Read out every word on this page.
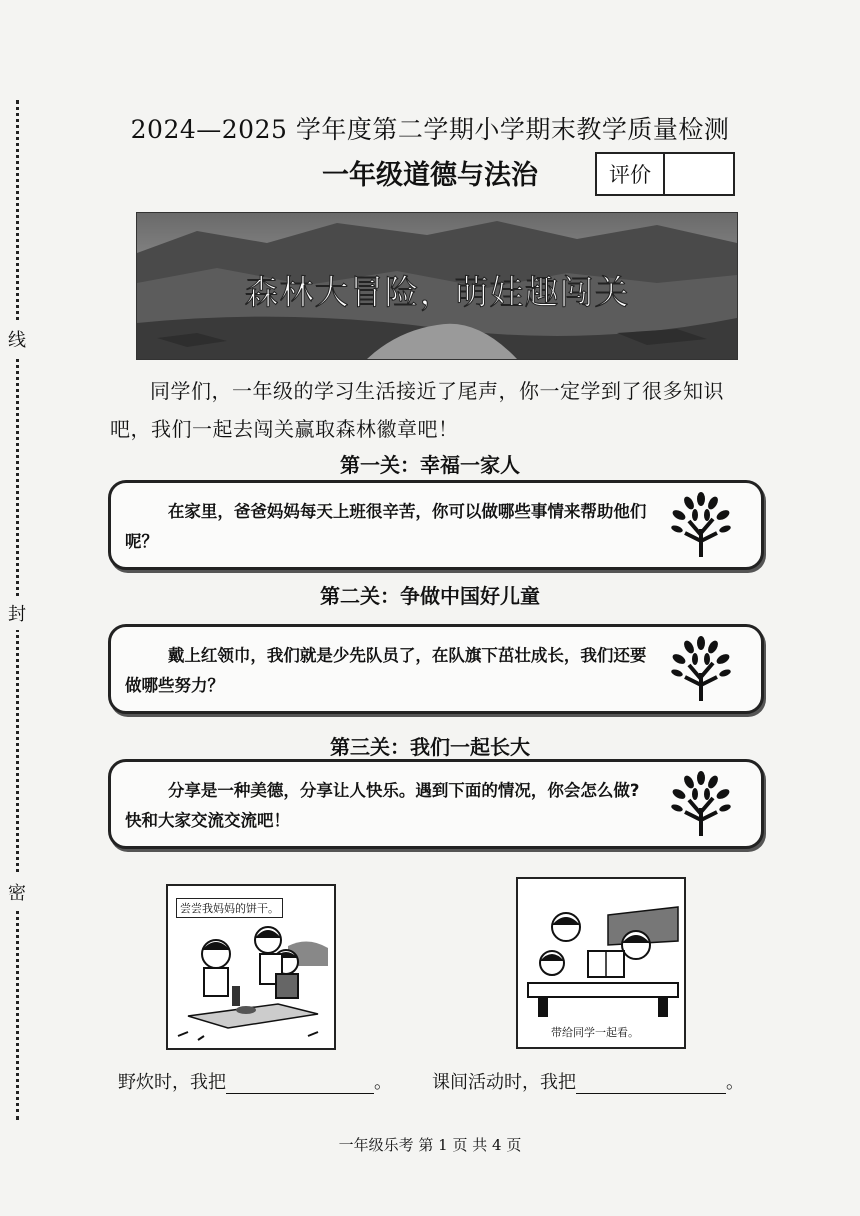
线
封
密
2024—2025 学年度第二学期小学期末教学质量检测
一年级道德与法治	评价
森林大冒险，萌娃趣闯关
同学们，一年级的学习生活接近了尾声，你一定学到了很多知识吧，我们一起去闯关赢取森林徽章吧！
第一关：幸福一家人
在家里，爸爸妈妈每天上班很辛苦，你可以做哪些事情来帮助他们呢？
第二关：争做中国好儿童
戴上红领巾，我们就是少先队员了，在队旗下茁壮成长，我们还要做哪些努力？
第三关：我们一起长大
分享是一种美德，分享让人快乐。遇到下面的情况，你会怎么做?快和大家交流交流吧！
尝尝我妈妈的饼干。
带给同学一起看。
野炊时，我把	。 课间活动时，我把	。
一年级乐考 第 1 页 共 4 页
